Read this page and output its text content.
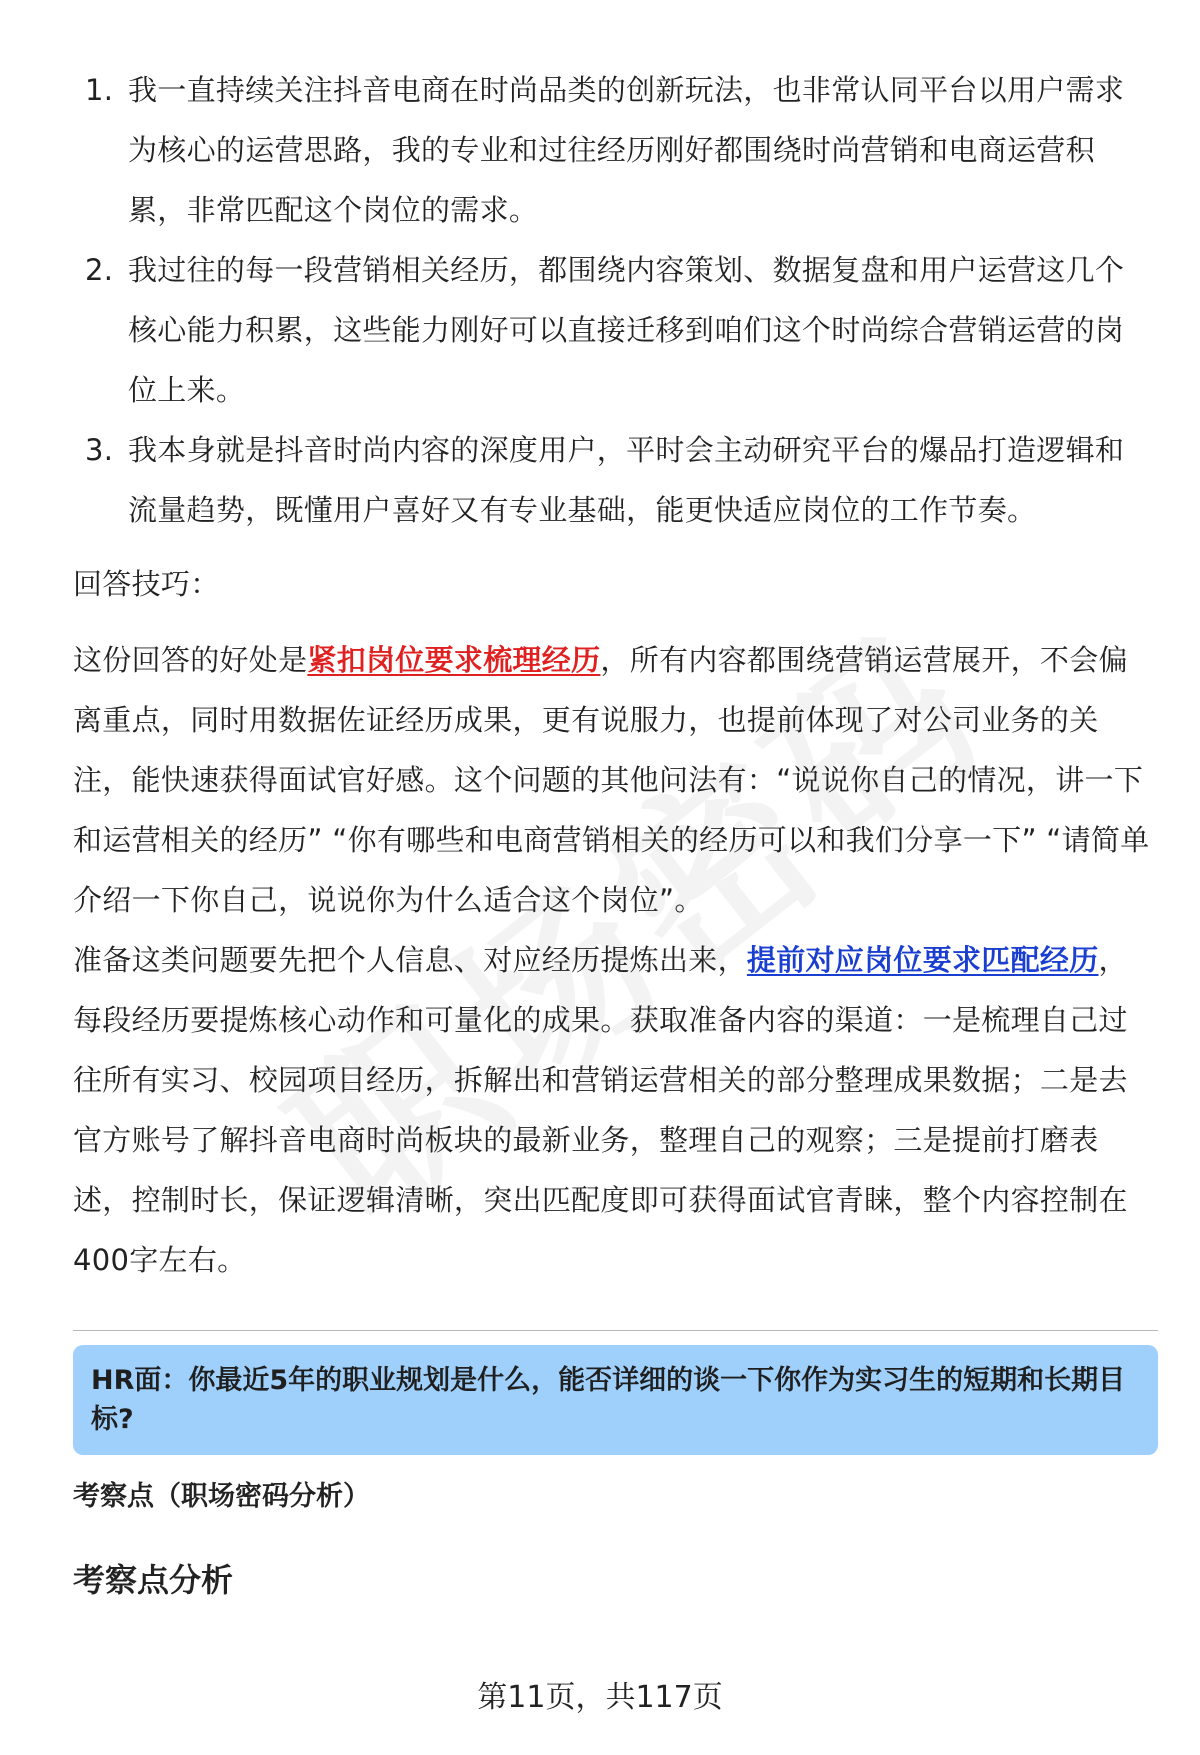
1. 我一直持续关注抖音电商在时尚品类的创新玩法，也非常认同平台以用户需求为核心的运营思路，我的专业和过往经历刚好都围绕时尚营销和电商运营积累，非常匹配这个岗位的需求。
2. 我过往的每一段营销相关经历，都围绕内容策划、数据复盘和用户运营这几个核心能力积累，这些能力刚好可以直接迁移到咱们这个时尚综合营销运营的岗位上来。
3. 我本身就是抖音时尚内容的深度用户，平时会主动研究平台的爆品打造逻辑和流量趋势，既懂用户喜好又有专业基础，能更快适应岗位的工作节奏。

回答技巧：

这份回答的好处是紧扣岗位要求梳理经历，所有内容都围绕营销运营展开，不会偏离重点，同时用数据佐证经历成果，更有说服力，也提前体现了对公司业务的关注，能快速获得面试官好感。这个问题的其他问法有：“说说你自己的情况，讲一下和运营相关的经历” “你有哪些和电商营销相关的经历可以和我们分享一下” “请简单介绍一下你自己，说说你为什么适合这个岗位”。

准备这类问题要先把个人信息、对应经历提炼出来，提前对应岗位要求匹配经历，每段经历要提炼核心动作和可量化的成果。获取准备内容的渠道：一是梳理自己过往所有实习、校园项目经历，拆解出和营销运营相关的部分整理成果数据；二是去官方账号了解抖音电商时尚板块的最新业务，整理自己的观察；三是提前打磨表述，控制时长，保证逻辑清晰，突出匹配度即可获得面试官青睐，整个内容控制在400字左右。

HR面：你最近5年的职业规划是什么，能否详细的谈一下你作为实习生的短期和长期目标?
考察点（职场密码分析）
考察点分析
第11页，共117页
